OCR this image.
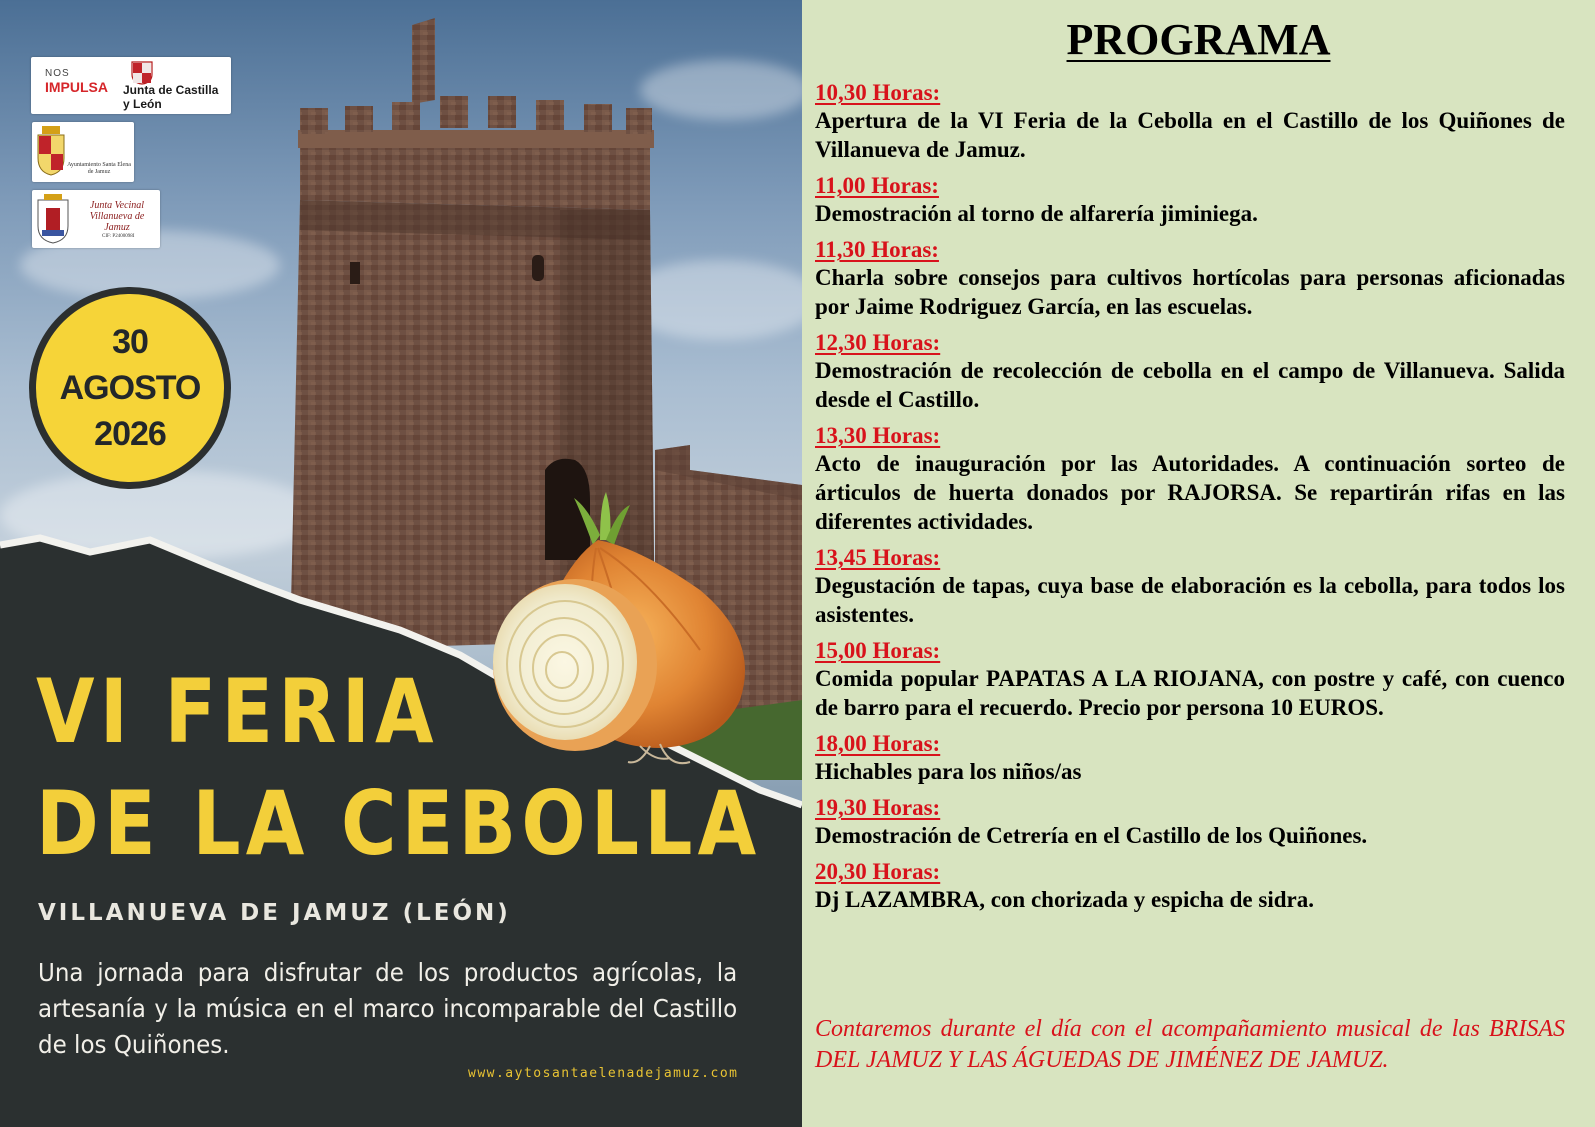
NOS
IMPULSA Junta de Castilla y León
Ayuntamiento Santa Elena de Jamuz
Junta Vecinal Villanueva de Jamuz
CIF: P2400098I
30
AGOSTO
2026
VI FERIA
DE LA CEBOLLA
VILLANUEVA DE JAMUZ (LEÓN)
Una jornada para disfrutar de los productos agrícolas, la artesanía y la música en el marco incomparable del Castillo de los Quiñones.
www.aytosantaelenadejamuz.com
PROGRAMA
10,30 Horas:
Apertura de la VI Feria de la Cebolla en el Castillo de los Quiñones de Villanueva de Jamuz.
11,00 Horas:
Demostración al torno de alfarería jiminiega.
11,30 Horas:
Charla sobre consejos para cultivos hortícolas para personas aficionadas por Jaime Rodriguez García, en las escuelas.
12,30 Horas:
Demostración de recolección de cebolla en el campo de Villanueva. Salida desde el Castillo.
13,30 Horas:
Acto de inauguración por las Autoridades. A continuación sorteo de árticulos de huerta donados por RAJORSA. Se repartirán rifas en las diferentes actividades.
13,45 Horas:
Degustación de tapas, cuya base de elaboración es la cebolla, para todos los asistentes.
15,00 Horas:
Comida popular PAPATAS A LA RIOJANA, con postre y café, con cuenco de barro para el recuerdo. Precio por persona 10 EUROS.
18,00 Horas:
Hichables para los niños/as
19,30 Horas:
Demostración de Cetrería en el Castillo de los Quiñones.
20,30 Horas:
Dj LAZAMBRA, con chorizada y espicha de sidra.
Contaremos durante el día con el acompañamiento musical de las BRISAS DEL JAMUZ Y LAS ÁGUEDAS DE JIMÉNEZ DE JAMUZ.
